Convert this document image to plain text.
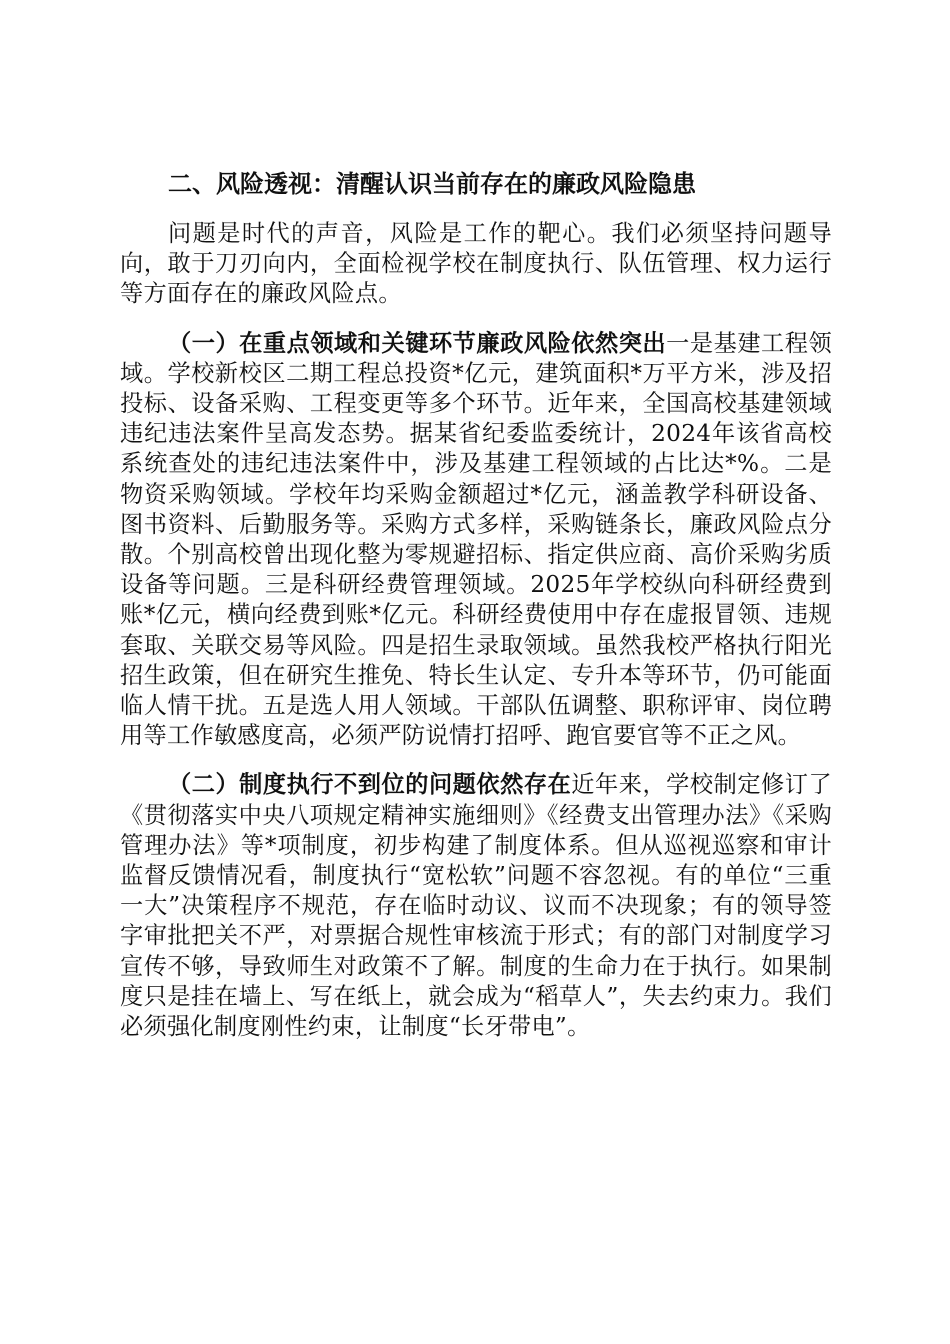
二、风险透视：清醒认识当前存在的廉政风险隐患

问题是时代的声音，风险是工作的靶心。我们必须坚持问题导向，敢于刀刃向内，全面检视学校在制度执行、队伍管理、权力运行等方面存在的廉政风险点。

（一）在重点领域和关键环节廉政风险依然突出一是基建工程领域。学校新校区二期工程总投资*亿元，建筑面积*万平方米，涉及招投标、设备采购、工程变更等多个环节。近年来，全国高校基建领域违纪违法案件呈高发态势。据某省纪委监委统计，2024年该省高校系统查处的违纪违法案件中，涉及基建工程领域的占比达*%。二是物资采购领域。学校年均采购金额超过*亿元，涵盖教学科研设备、图书资料、后勤服务等。采购方式多样，采购链条长，廉政风险点分散。个别高校曾出现化整为零规避招标、指定供应商、高价采购劣质设备等问题。三是科研经费管理领域。2025年学校纵向科研经费到账*亿元，横向经费到账*亿元。科研经费使用中存在虚报冒领、违规套取、关联交易等风险。四是招生录取领域。虽然我校严格执行阳光招生政策，但在研究生推免、特长生认定、专升本等环节，仍可能面临人情干扰。五是选人用人领域。干部队伍调整、职称评审、岗位聘用等工作敏感度高，必须严防说情打招呼、跑官要官等不正之风。

（二）制度执行不到位的问题依然存在近年来，学校制定修订了《贯彻落实中央八项规定精神实施细则》《经费支出管理办法》《采购管理办法》等*项制度，初步构建了制度体系。但从巡视巡察和审计监督反馈情况看，制度执行“宽松软”问题不容忽视。有的单位“三重一大”决策程序不规范，存在临时动议、议而不决现象；有的领导签字审批把关不严，对票据合规性审核流于形式；有的部门对制度学习宣传不够，导致师生对政策不了解。制度的生命力在于执行。如果制度只是挂在墙上、写在纸上，就会成为“稻草人”，失去约束力。我们必须强化制度刚性约束，让制度“长牙带电”。
